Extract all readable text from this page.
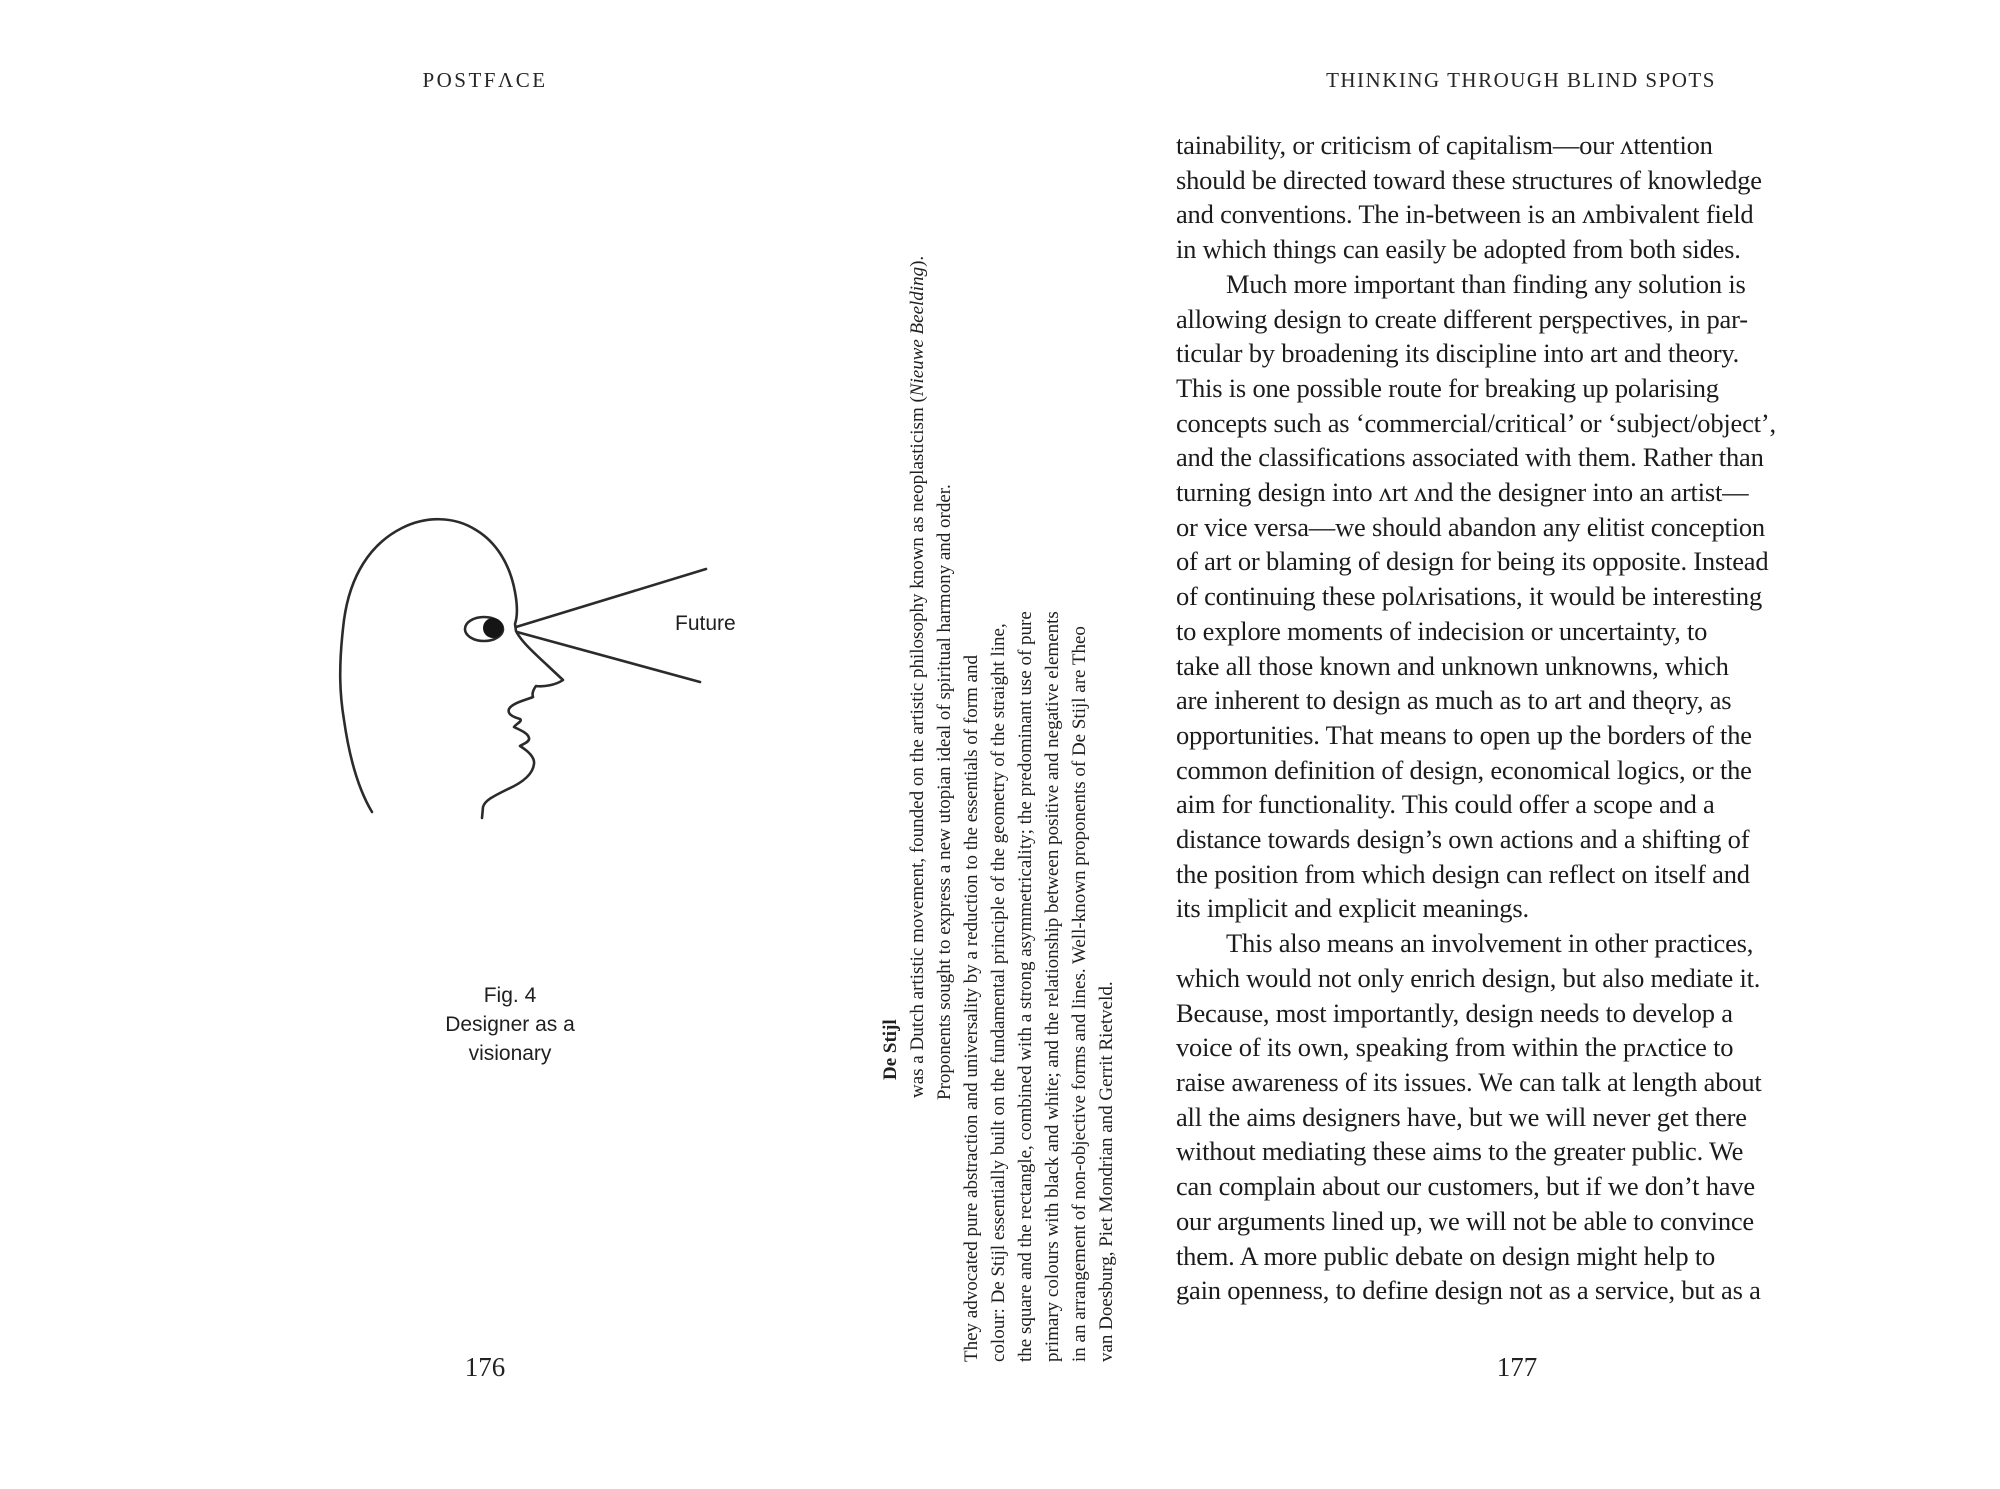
POSTFΛCE
Future
Fig. 4
Designer as a
visionary	De Stijl was a Dutch artistic movement, founded on the artistic philosophy known as neoplasticism (Nieuwe Beelding).
Proponents sought to express a new utopian ideal of spiritual harmony and order. They advocated pure abstraction and universality by a reduction to the essentials of form and colour: De Stijl essentially built on the fundamental principle of the geometry of the straight line, the square and the rectangle, combined with a strong asymmetricality; the predominant use of pure primary colours with black and white; and the relationship between positive and negative elements in an arrangement of non-objective forms and lines. Well-known proponents of De Stijl are Theo van Doesburg, Piet Mondrian and Gerrit Rietveld.
176
THINKING THROUGH BLIND SPOTS
tainability, or criticism of capitalism—our ʌttention
should be directed toward these structures of knowledge
and conventions. The in-between is an ʌmbivalent field
in which things can easily be adopted from both sides.
Much more important than finding any solution is
allowing design to create different perʂpectives, in par-
ticular by broadening its discipline into art and theory.
This is one possible route for breaking up polarising
concepts such as ‘commercial/critical’ or ‘subject/object’,
and the classifications associated with them. Rather than
turning design into ʌrt ʌnd the designer into an artist—
or vice versa—we should abandon any elitist conception
of art or blaming of design for being its opposite. Instead
of continuing these polʌrisations, it would be interesting
to explore moments of indecision or uncertainty, to
take all those known and unknown unknowns, which
are inherent to design as much as to art and theǫry, as
opportunities. That means to open up the borders of the
common definition of design, economical logics, or the
aim for functionality. This could offer a scope and a
distance towards design’s own actions and a shifting of
the position from which design can reflect on itself and
its implicit and explicit meanings.
This also means an involvement in other practices,
which would not only enrich design, but also mediate it.
Because, most importantly, design needs to develop a
voice of its own, speaking from within the prʌctice to
raise awareness of its issues. We can talk at length about
all the aims designers have, but we will never get there
without mediating these aims to the greater public. We
can complain about our customers, but if we don’t have
our arguments lined up, we will not be able to convince
them. A more public debate on design might help to
gain openness, to defiпe design not as a service, but as a
177
